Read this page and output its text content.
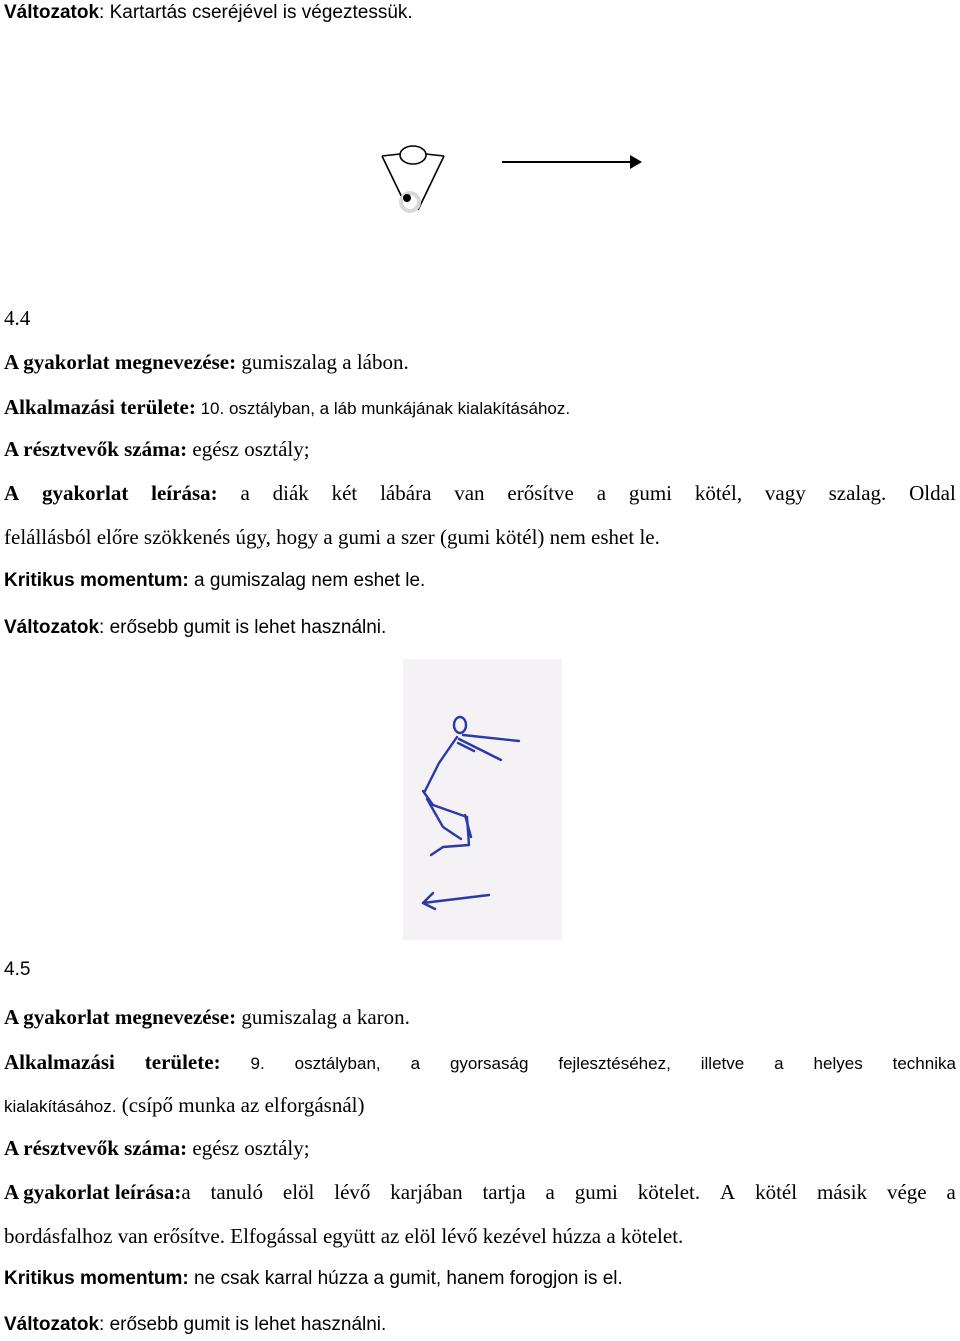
Változatok: Kartartás cseréjével is végeztessük.
4.4
A gyakorlat megnevezése: gumiszalag a lábon.
Alkalmazási területe: 10. osztályban, a láb munkájának kialakításához.
A résztvevők száma: egész osztály;
A gyakorlat leírása: a diák két lábára van erősítve a gumi kötél, vagy szalag. Oldal
felállásból előre szökkenés úgy, hogy a gumi a szer (gumi kötél) nem eshet le.
Kritikus momentum: a gumiszalag nem eshet le.
Változatok: erősebb gumit is lehet használni.
4.5
A gyakorlat megnevezése: gumiszalag a karon.
Alkalmazási területe: 9. osztályban, a gyorsaság fejlesztéséhez, illetve a helyes technika
kialakításához. (csípő munka az elforgásnál)
A résztvevők száma: egész osztály;
A gyakorlat leírása:a tanuló elöl lévő karjában tartja a gumi kötelet. A kötél másik vége a
bordásfalhoz van erősítve. Elfogással együtt az elöl lévő kezével húzza a kötelet.
Kritikus momentum: ne csak karral húzza a gumit, hanem forogjon is el.
Változatok: erősebb gumit is lehet használni.
